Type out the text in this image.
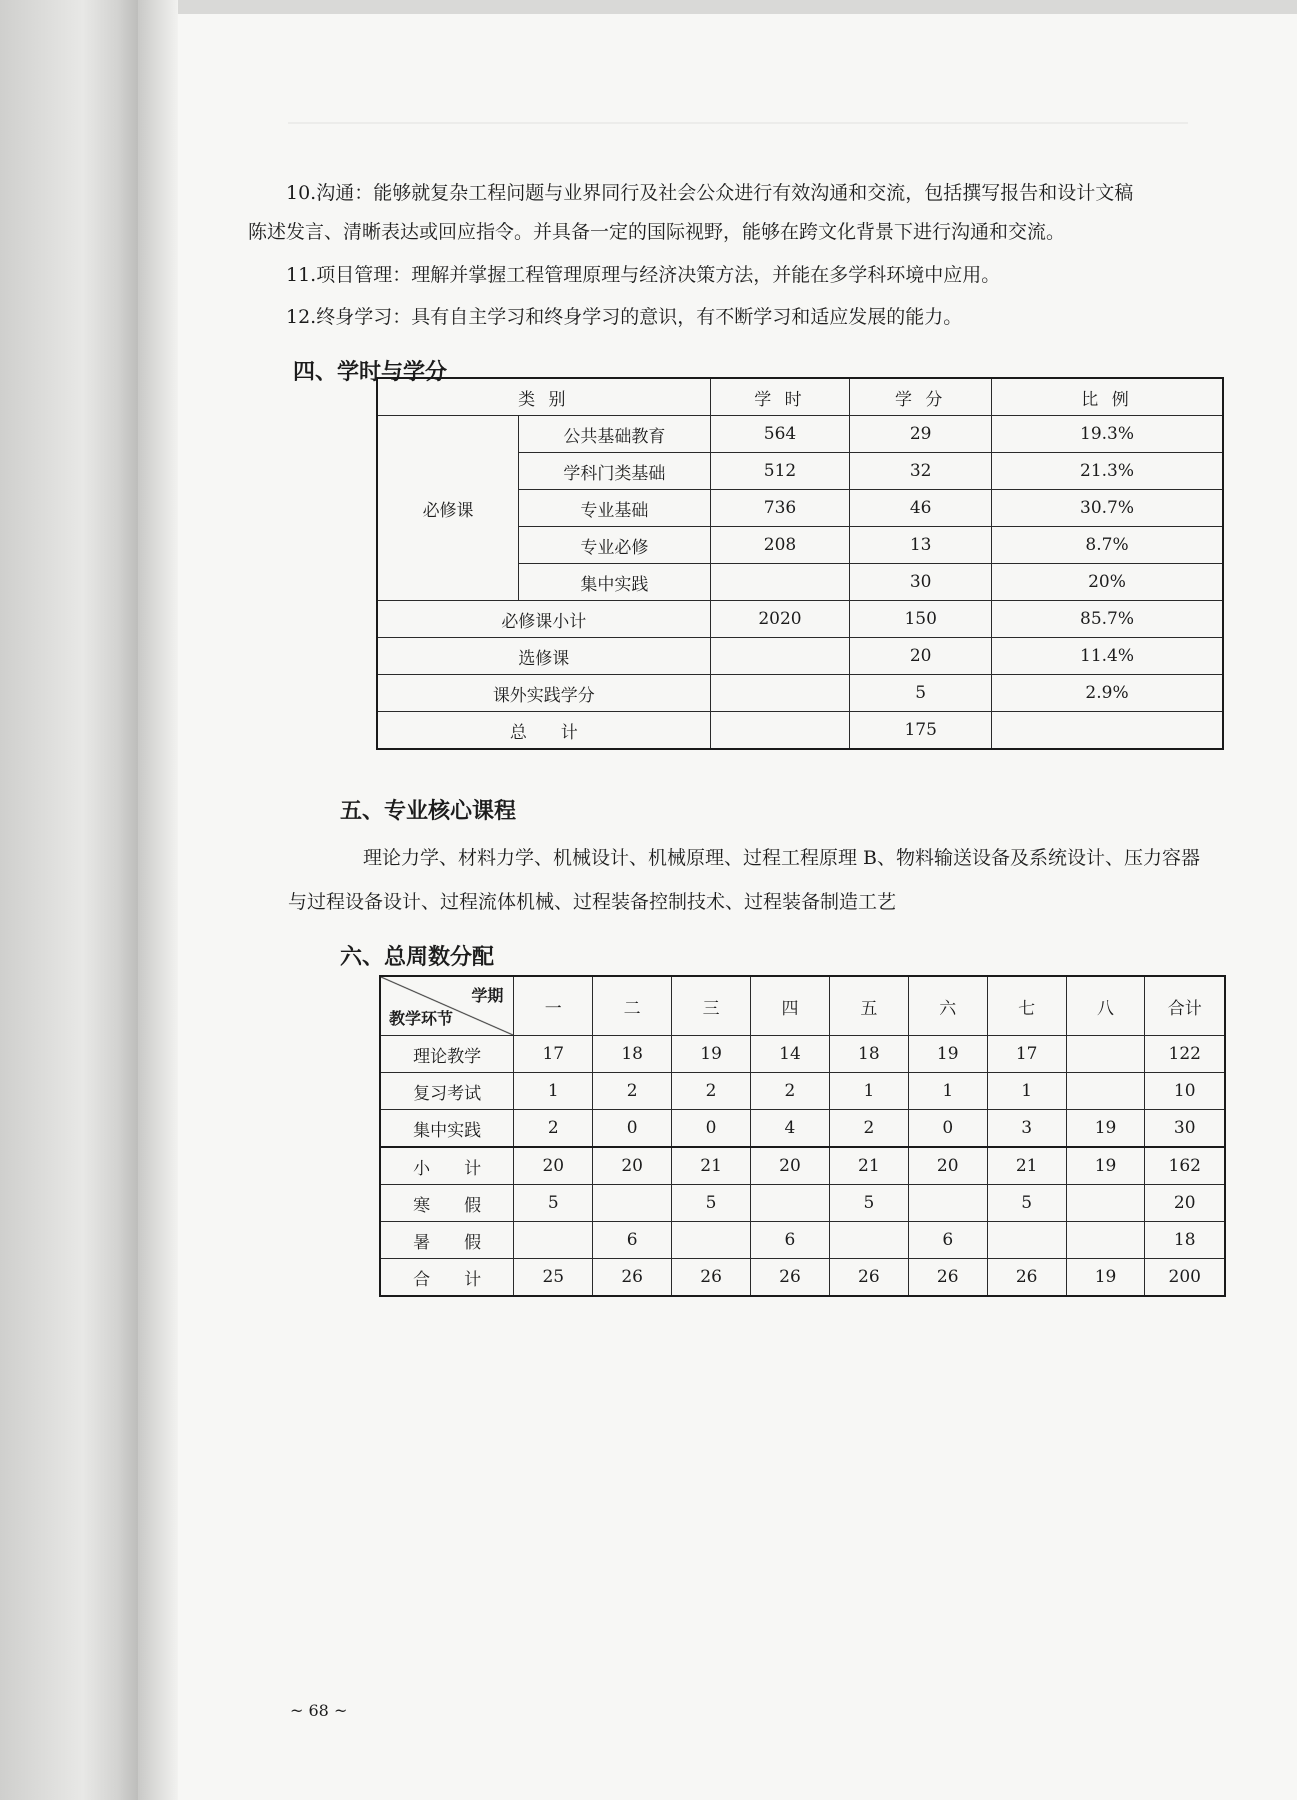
10.沟通：能够就复杂工程问题与业界同行及社会公众进行有效沟通和交流，包括撰写报告和设计文稿
陈述发言、清晰表达或回应指令。并具备一定的国际视野，能够在跨文化背景下进行沟通和交流。
11.项目管理：理解并掌握工程管理原理与经济决策方法，并能在多学科环境中应用。
12.终身学习：具有自主学习和终身学习的意识，有不断学习和适应发展的能力。
四、学时与学分
类 别		学 时	学 分	比 例
必修课	公共基础教育	564	29	19.3%
	学科门类基础	512	32	21.3%
	专业基础	736	46	30.7%
	专业必修	208	13	8.7%
	集中实践		30	20%
必修课小计		2020	150	85.7%
选修课			20	11.4%
课外实践学分			5	2.9%
总　　计			175	
五、专业核心课程
理论力学、材料力学、机械设计、机械原理、过程工程原理 B、物料输送设备及系统设计、压力容器
与过程设备设计、过程流体机械、过程装备控制技术、过程装备制造工艺
六、总周数分配
学期
教学环节	一	二	三	四	五	六	七	八	合计
理论教学	17	18	19	14	18	19	17		122
复习考试	1	2	2	2	1	1	1		10
集中实践	2	0	0	4	2	0	3	19	30
小　　计	20	20	21	20	21	20	21	19	162
寒　　假	5		5		5		5		20
暑　　假		6		6		6			18
合　　计	25	26	26	26	26	26	26	19	200
~ 68 ~
